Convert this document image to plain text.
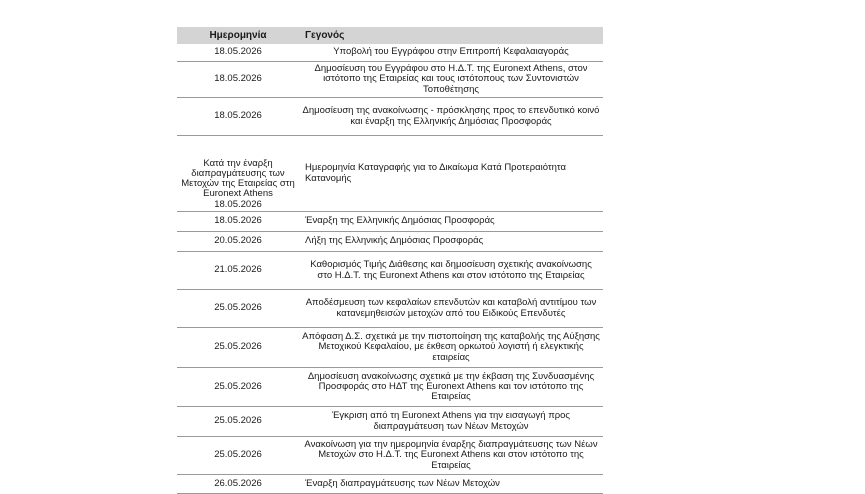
Ημερομηνία	Γεγονός
18.05.2026	Υποβολή του Εγγράφου στην Επιτροπή Κεφαλαιαγοράς
18.05.2026	Δημοσίευση του Εγγράφου στο Η.Δ.Τ. της Euronext Athens, στον ιστότοπο της Εταιρείας και τους ιστότοπους των Συντονιστών Τοποθέτησης
18.05.2026	Δημοσίευση της ανακοίνωσης - πρόσκλησης προς το επενδυτικό κοινό και έναρξη της Ελληνικής Δημόσιας Προσφοράς
Κατά την έναρξη διαπραγμάτευσης των Μετοχών της Εταιρείας στη Euronext Athens 18.05.2026	Ημερομηνία Καταγραφής για το Δικαίωμα Κατά Προτεραιότητα Κατανομής
18.05.2026	Έναρξη της Ελληνικής Δημόσιας Προσφοράς
20.05.2026	Λήξη της Ελληνικής Δημόσιας Προσφοράς
21.05.2026	Καθορισμός Τιμής Διάθεσης και δημοσίευση σχετικής ανακοίνωσης στο Η.Δ.Τ. της Euronext Athens και στον ιστότοπο της Εταιρείας
25.05.2026	Αποδέσμευση των κεφαλαίων επενδυτών και καταβολή αντιτίμου των κατανεμηθεισών μετοχών από του Ειδικούς Επενδυτές
25.05.2026	Απόφαση Δ.Σ. σχετικά με την πιστοποίηση της καταβολής της Αύξησης Μετοχικού Κεφαλαίου, με έκθεση ορκωτού λογιστή ή ελεγκτικής εταιρείας
25.05.2026	Δημοσίευση ανακοίνωσης σχετικά με την έκβαση της Συνδυασμένης Προσφοράς στο ΗΔΤ της Euronext Athens και τον ιστότοπο της Εταιρείας
25.05.2026	Έγκριση από τη Euronext Athens για την εισαγωγή προς διαπραγμάτευση των Νέων Μετοχών
25.05.2026	Ανακοίνωση για την ημερομηνία έναρξης διαπραγμάτευσης των Νέων Μετοχών στο Η.Δ.Τ. της Euronext Athens και στον ιστότοπο της Εταιρείας
26.05.2026	Έναρξη διαπραγμάτευσης των Νέων Μετοχών
